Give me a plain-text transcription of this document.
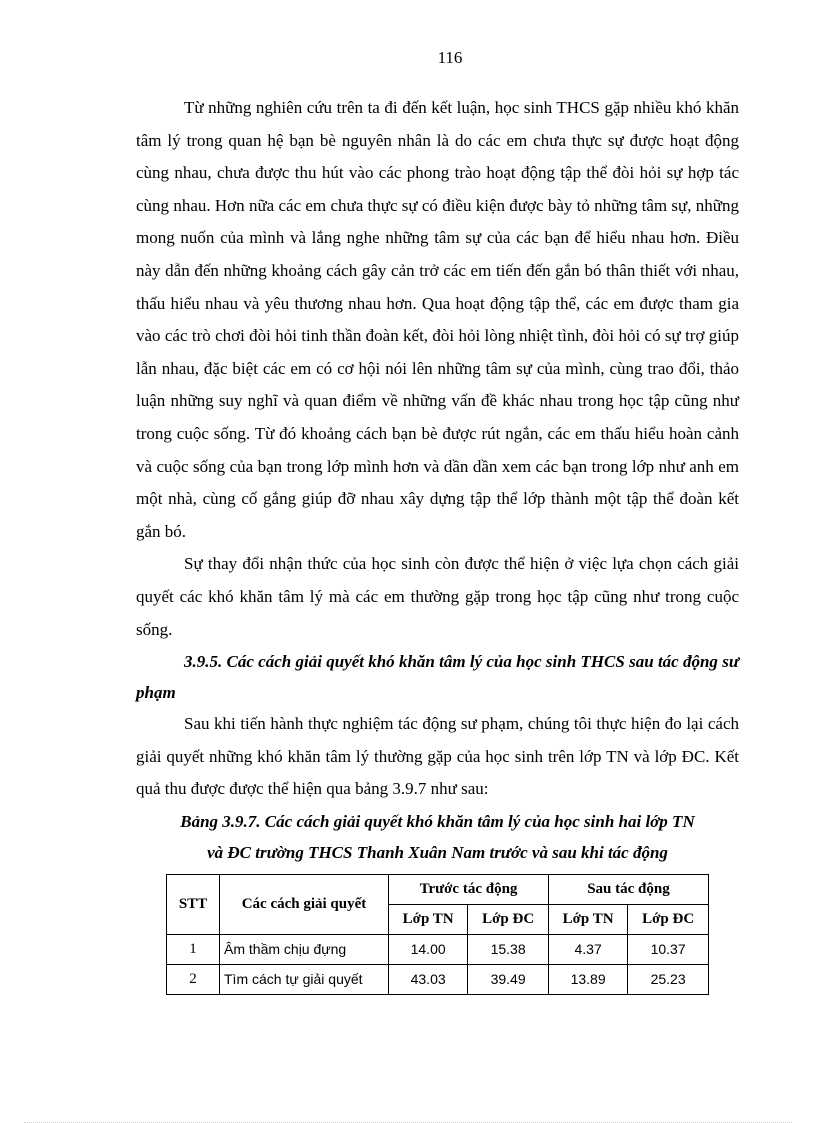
116

Từ những nghiên cứu trên ta đi đến kết luận, học sinh THCS gặp nhiều khó khăn tâm lý trong quan hệ bạn bè nguyên nhân là do các em chưa thực sự được hoạt động cùng nhau, chưa được thu hút vào các phong trào hoạt động tập thể đòi hỏi sự hợp tác cùng nhau. Hơn nữa các em chưa thực sự có điều kiện được bày tỏ những tâm sự, những mong nuốn của mình và lắng nghe những tâm sự của các bạn để hiểu nhau hơn. Điều này dẫn đến những khoảng cách gây cản trở các em tiến đến gắn bó thân thiết với nhau, thấu hiểu nhau và yêu thương nhau hơn. Qua hoạt động tập thể, các em được tham gia vào các trò chơi đòi hỏi tinh thần đoàn kết, đòi hỏi lòng nhiệt tình, đòi hỏi có sự trợ giúp lẫn nhau, đặc biệt các em có cơ hội nói lên những tâm sự của mình, cùng trao đổi, thảo luận những suy nghĩ và quan điểm về những vấn đề khác nhau trong học tập cũng như trong cuộc sống. Từ đó khoảng cách bạn bè được rút ngắn, các em thấu hiểu hoàn cảnh và cuộc sống của bạn trong lớp mình hơn và dần dần xem các bạn trong lớp như anh em một nhà, cùng cố gắng giúp đỡ nhau xây dựng tập thể lớp thành một tập thể đoàn kết gắn bó.

Sự thay đổi nhận thức của học sinh còn được thể hiện ở việc lựa chọn cách giải quyết các khó khăn tâm lý mà các em thường gặp trong học tập cũng như trong cuộc sống.

3.9.5. Các cách giải quyết khó khăn tâm lý của học sinh THCS sau tác động sư phạm

Sau khi tiến hành thực nghiệm tác động sư phạm, chúng tôi thực hiện đo lại cách giải quyết những khó khăn tâm lý thường gặp của học sinh trên lớp TN và lớp ĐC. Kết quả thu được được thể hiện qua bảng 3.9.7 như sau:

Bảng 3.9.7. Các cách giải quyết khó khăn tâm lý của học sinh hai lớp TN

và ĐC trường THCS Thanh Xuân Nam trước và sau khi tác động

STT	Các cách giải quyết	Trước tác động		Sau tác động	
		Lớp TN	Lớp ĐC	Lớp TN	Lớp ĐC
1	Âm thầm chịu đựng	14.00	15.38	4.37	10.37
2	Tìm cách tự giải quyết	43.03	39.49	13.89	25.23
